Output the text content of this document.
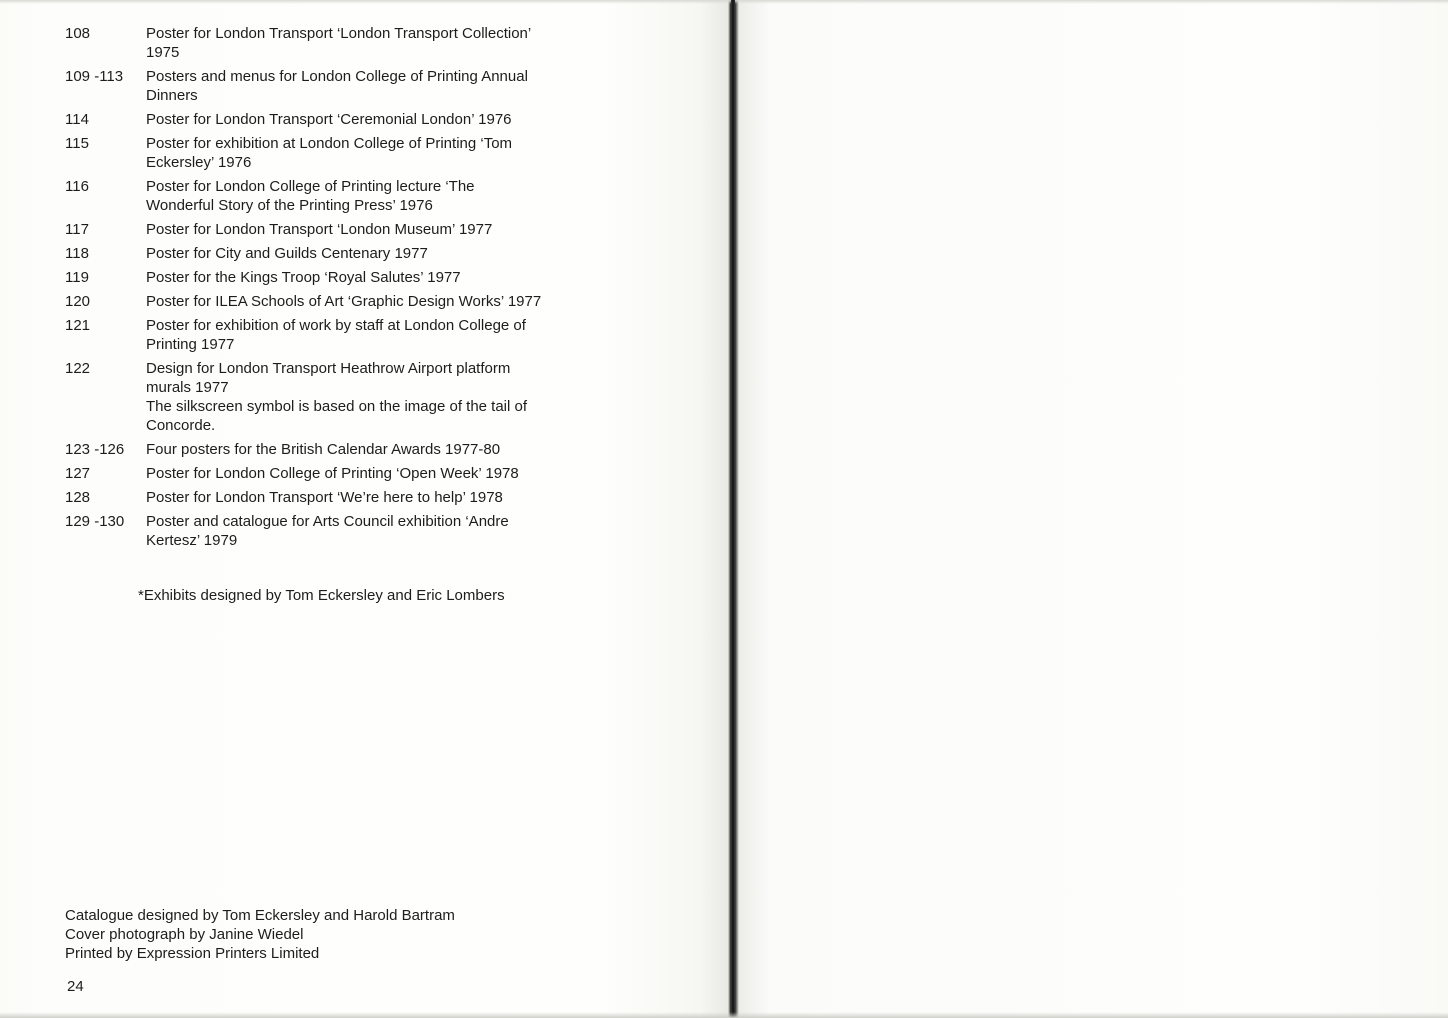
108	Poster for London Transport ‘London Transport Collection’ 1975
109 -113	Posters and menus for London College of Printing Annual Dinners
114	Poster for London Transport ‘Ceremonial London’ 1976
115	Poster for exhibition at London College of Printing ‘Tom Eckersley’ 1976
116	Poster for London College of Printing lecture ‘The Wonderful Story of the Printing Press’ 1976
117	Poster for London Transport ‘London Museum’ 1977
118	Poster for City and Guilds Centenary 1977
119	Poster for the Kings Troop ‘Royal Salutes’ 1977
120	Poster for ILEA Schools of Art ‘Graphic Design Works’ 1977
121	Poster for exhibition of work by staff at London College of Printing 1977
122	Design for London Transport Heathrow Airport platform murals 1977
The silkscreen symbol is based on the image of the tail of Concorde.
123 -126	Four posters for the British Calendar Awards 1977-80
127	Poster for London College of Printing ‘Open Week’ 1978
128	Poster for London Transport ‘We’re here to help’ 1978
129 -130	Poster and catalogue for Arts Council exhibition ‘Andre Kertesz’ 1979
*Exhibits designed by Tom Eckersley and Eric Lombers
Catalogue designed by Tom Eckersley and Harold Bartram
Cover photograph by Janine Wiedel
Printed by Expression Printers Limited
24
